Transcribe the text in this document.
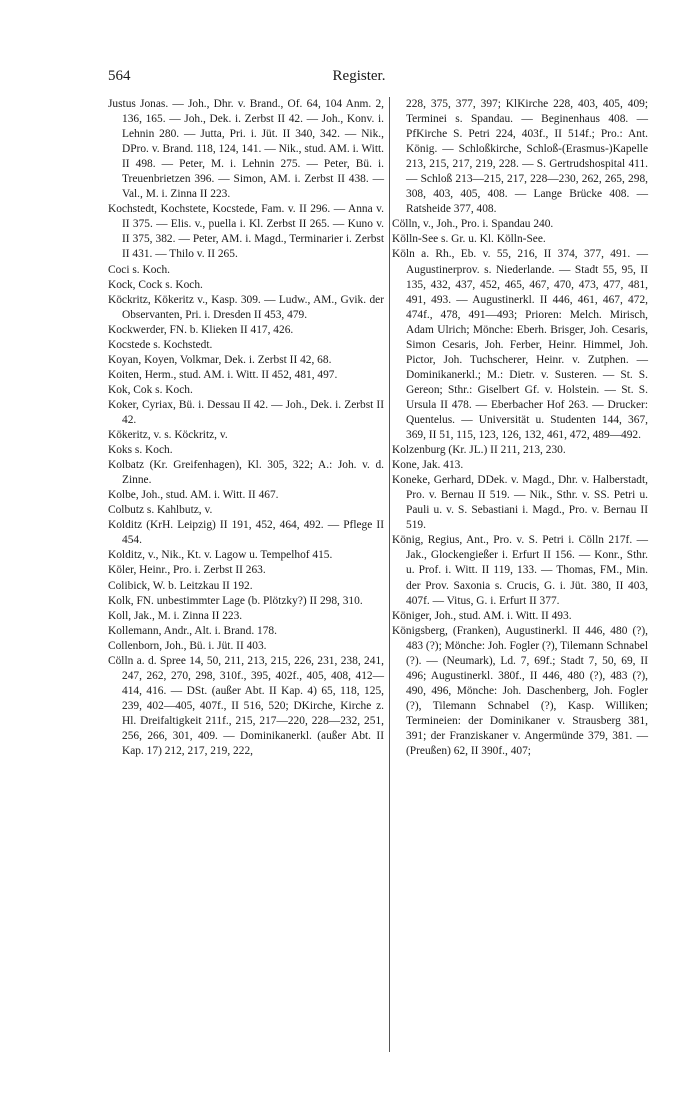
564	Register.

Justus Jonas. — Joh., Dhr. v. Brand., Of. 64, 104 Anm. 2, 136, 165. — Joh., Dek. i. Zerbst II 42. — Joh., Konv. i. Lehnin 280. — Jutta, Pri. i. Jüt. II 340, 342. — Nik., DPro. v. Brand. 118, 124, 141. — Nik., stud. AM. i. Witt. II 498. — Peter, M. i. Lehnin 275. — Peter, Bü. i. Treuenbrietzen 396. — Simon, AM. i. Zerbst II 438. — Val., M. i. Zinna II 223.

Kochstedt, Kochstete, Kocstede, Fam. v. II 296. — Anna v. II 375. — Elis. v., puella i. Kl. Zerbst II 265. — Kuno v. II 375, 382. — Peter, AM. i. Magd., Terminarier i. Zerbst II 431. — Thilo v. II 265.

Coci s. Koch.

Kock, Cock s. Koch.

Köckritz, Kökeritz v., Kasp. 309. — Ludw., AM., Gvik. der Observanten, Pri. i. Dresden II 453, 479.

Kockwerder, FN. b. Klieken II 417, 426.

Kocstede s. Kochstedt.

Koyan, Koyen, Volkmar, Dek. i. Zerbst II 42, 68.

Koiten, Herm., stud. AM. i. Witt. II 452, 481, 497.

Kok, Cok s. Koch.

Koker, Cyriax, Bü. i. Dessau II 42. — Joh., Dek. i. Zerbst II 42.

Kökeritz, v. s. Köckritz, v.

Koks s. Koch.

Kolbatz (Kr. Greifenhagen), Kl. 305, 322; A.: Joh. v. d. Zinne.

Kolbe, Joh., stud. AM. i. Witt. II 467.

Colbutz s. Kahlbutz, v.

Kolditz (KrH. Leipzig) II 191, 452, 464, 492. — Pflege II 454.

Kolditz, v., Nik., Kt. v. Lagow u. Tempelhof 415.

Köler, Heinr., Pro. i. Zerbst II 263.

Colibick, W. b. Leitzkau II 192.

Kolk, FN. unbestimmter Lage (b. Plötzky?) II 298, 310.

Koll, Jak., M. i. Zinna II 223.

Kollemann, Andr., Alt. i. Brand. 178.

Collenborn, Joh., Bü. i. Jüt. II 403.

Cölln a. d. Spree 14, 50, 211, 213, 215, 226, 231, 238, 241, 247, 262, 270, 298, 310f., 395, 402f., 405, 408, 412—414, 416. — DSt. (außer Abt. II Kap. 4) 65, 118, 125, 239, 402—405, 407f., II 516, 520; DKirche, Kirche z. Hl. Dreifaltigkeit 211f., 215, 217—220, 228—232, 251, 256, 266, 301, 409. — Dominikanerkl. (außer Abt. II Kap. 17) 212, 217, 219, 222,

228, 375, 377, 397; KlKirche 228, 403, 405, 409; Terminei s. Spandau. — Beginenhaus 408. — PfKirche S. Petri 224, 403f., II 514f.; Pro.: Ant. König. — Schloßkirche, Schloß-(Erasmus-)Kapelle 213, 215, 217, 219, 228. — S. Gertrudshospital 411. — Schloß 213—215, 217, 228—230, 262, 265, 298, 308, 403, 405, 408. — Lange Brücke 408. — Ratsheide 377, 408.

Cölln, v., Joh., Pro. i. Spandau 240.

Kölln-See s. Gr. u. Kl. Kölln-See.

Köln a. Rh., Eb. v. 55, 216, II 374, 377, 491. — Augustinerprov. s. Niederlande. — Stadt 55, 95, II 135, 432, 437, 452, 465, 467, 470, 473, 477, 481, 491, 493. — Augustinerkl. II 446, 461, 467, 472, 474f., 478, 491—493; Prioren: Melch. Mirisch, Adam Ulrich; Mönche: Eberh. Brisger, Joh. Cesaris, Simon Cesaris, Joh. Ferber, Heinr. Himmel, Joh. Pictor, Joh. Tuchscherer, Heinr. v. Zutphen. — Dominikanerkl.; M.: Dietr. v. Susteren. — St. S. Gereon; Sthr.: Giselbert Gf. v. Holstein. — St. S. Ursula II 478. — Eberbacher Hof 263. — Drucker: Quentelus. — Universität u. Studenten 144, 367, 369, II 51, 115, 123, 126, 132, 461, 472, 489—492.

Kolzenburg (Kr. JL.) II 211, 213, 230.

Kone, Jak. 413.

Koneke, Gerhard, DDek. v. Magd., Dhr. v. Halberstadt, Pro. v. Bernau II 519. — Nik., Sthr. v. SS. Petri u. Pauli u. v. S. Sebastiani i. Magd., Pro. v. Bernau II 519.

König, Regius, Ant., Pro. v. S. Petri i. Cölln 217f. — Jak., Glockengießer i. Erfurt II 156. — Konr., Sthr. u. Prof. i. Witt. II 119, 133. — Thomas, FM., Min. der Prov. Saxonia s. Crucis, G. i. Jüt. 380, II 403, 407f. — Vitus, G. i. Erfurt II 377.

Königer, Joh., stud. AM. i. Witt. II 493.

Königsberg, (Franken), Augustinerkl. II 446, 480 (?), 483 (?); Mönche: Joh. Fogler (?), Tilemann Schnabel (?). — (Neumark), Ld. 7, 69f.; Stadt 7, 50, 69, II 496; Augustinerkl. 380f., II 446, 480 (?), 483 (?), 490, 496, Mönche: Joh. Daschenberg, Joh. Fogler (?), Tilemann Schnabel (?), Kasp. Williken; Termineien: der Dominikaner v. Strausberg 381, 391; der Franziskaner v. Angermünde 379, 381. — (Preußen) 62, II 390f., 407;
